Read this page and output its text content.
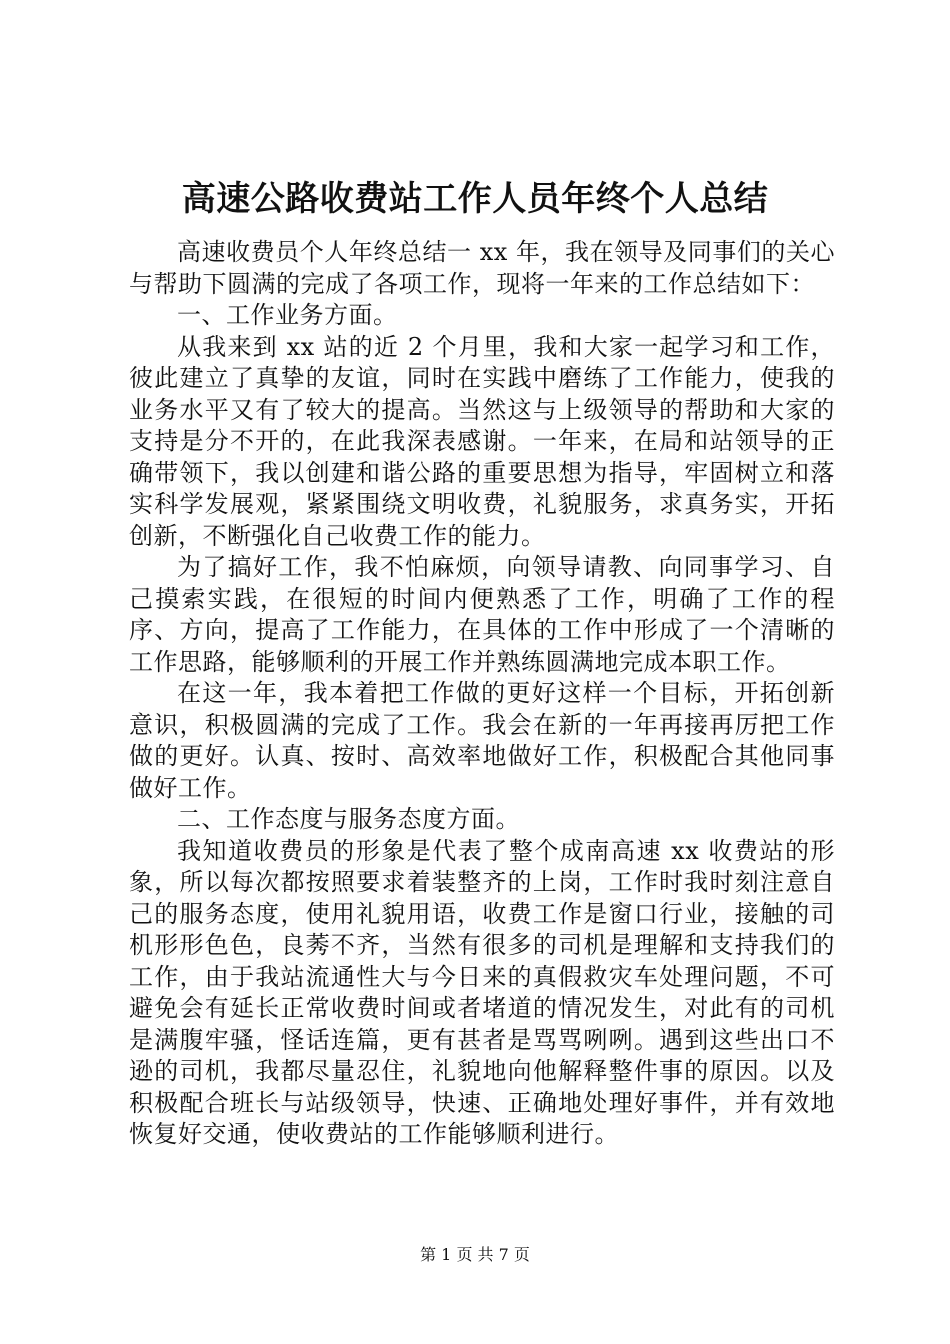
高速公路收费站工作人员年终个人总结

高速收费员个人年终总结一 xx 年，我在领导及同事们的关心与帮助下圆满的完成了各项工作，现将一年来的工作总结如下：

一、工作业务方面。

从我来到 xx 站的近 2 个月里，我和大家一起学习和工作，彼此建立了真挚的友谊，同时在实践中磨练了工作能力，使我的业务水平又有了较大的提高。当然这与上级领导的帮助和大家的支持是分不开的，在此我深表感谢。一年来，在局和站领导的正确带领下，我以创建和谐公路的重要思想为指导，牢固树立和落实科学发展观，紧紧围绕文明收费，礼貌服务，求真务实，开拓创新，不断强化自己收费工作的能力。

为了搞好工作，我不怕麻烦，向领导请教、向同事学习、自己摸索实践，在很短的时间内便熟悉了工作，明确了工作的程序、方向，提高了工作能力，在具体的工作中形成了一个清晰的工作思路，能够顺利的开展工作并熟练圆满地完成本职工作。

在这一年，我本着把工作做的更好这样一个目标，开拓创新意识，积极圆满的完成了工作。我会在新的一年再接再厉把工作做的更好。认真、按时、高效率地做好工作，积极配合其他同事做好工作。

二、工作态度与服务态度方面。

我知道收费员的形象是代表了整个成南高速 xx 收费站的形象，所以每次都按照要求着装整齐的上岗，工作时我时刻注意自己的服务态度，使用礼貌用语，收费工作是窗口行业，接触的司机形形色色，良莠不齐，当然有很多的司机是理解和支持我们的工作，由于我站流通性大与今日来的真假救灾车处理问题，不可避免会有延长正常收费时间或者堵道的情况发生，对此有的司机是满腹牢骚，怪话连篇，更有甚者是骂骂咧咧。遇到这些出口不逊的司机，我都尽量忍住，礼貌地向他解释整件事的原因。以及积极配合班长与站级领导，快速、正确地处理好事件，并有效地恢复好交通，使收费站的工作能够顺利进行。

第 1 页 共 7 页
